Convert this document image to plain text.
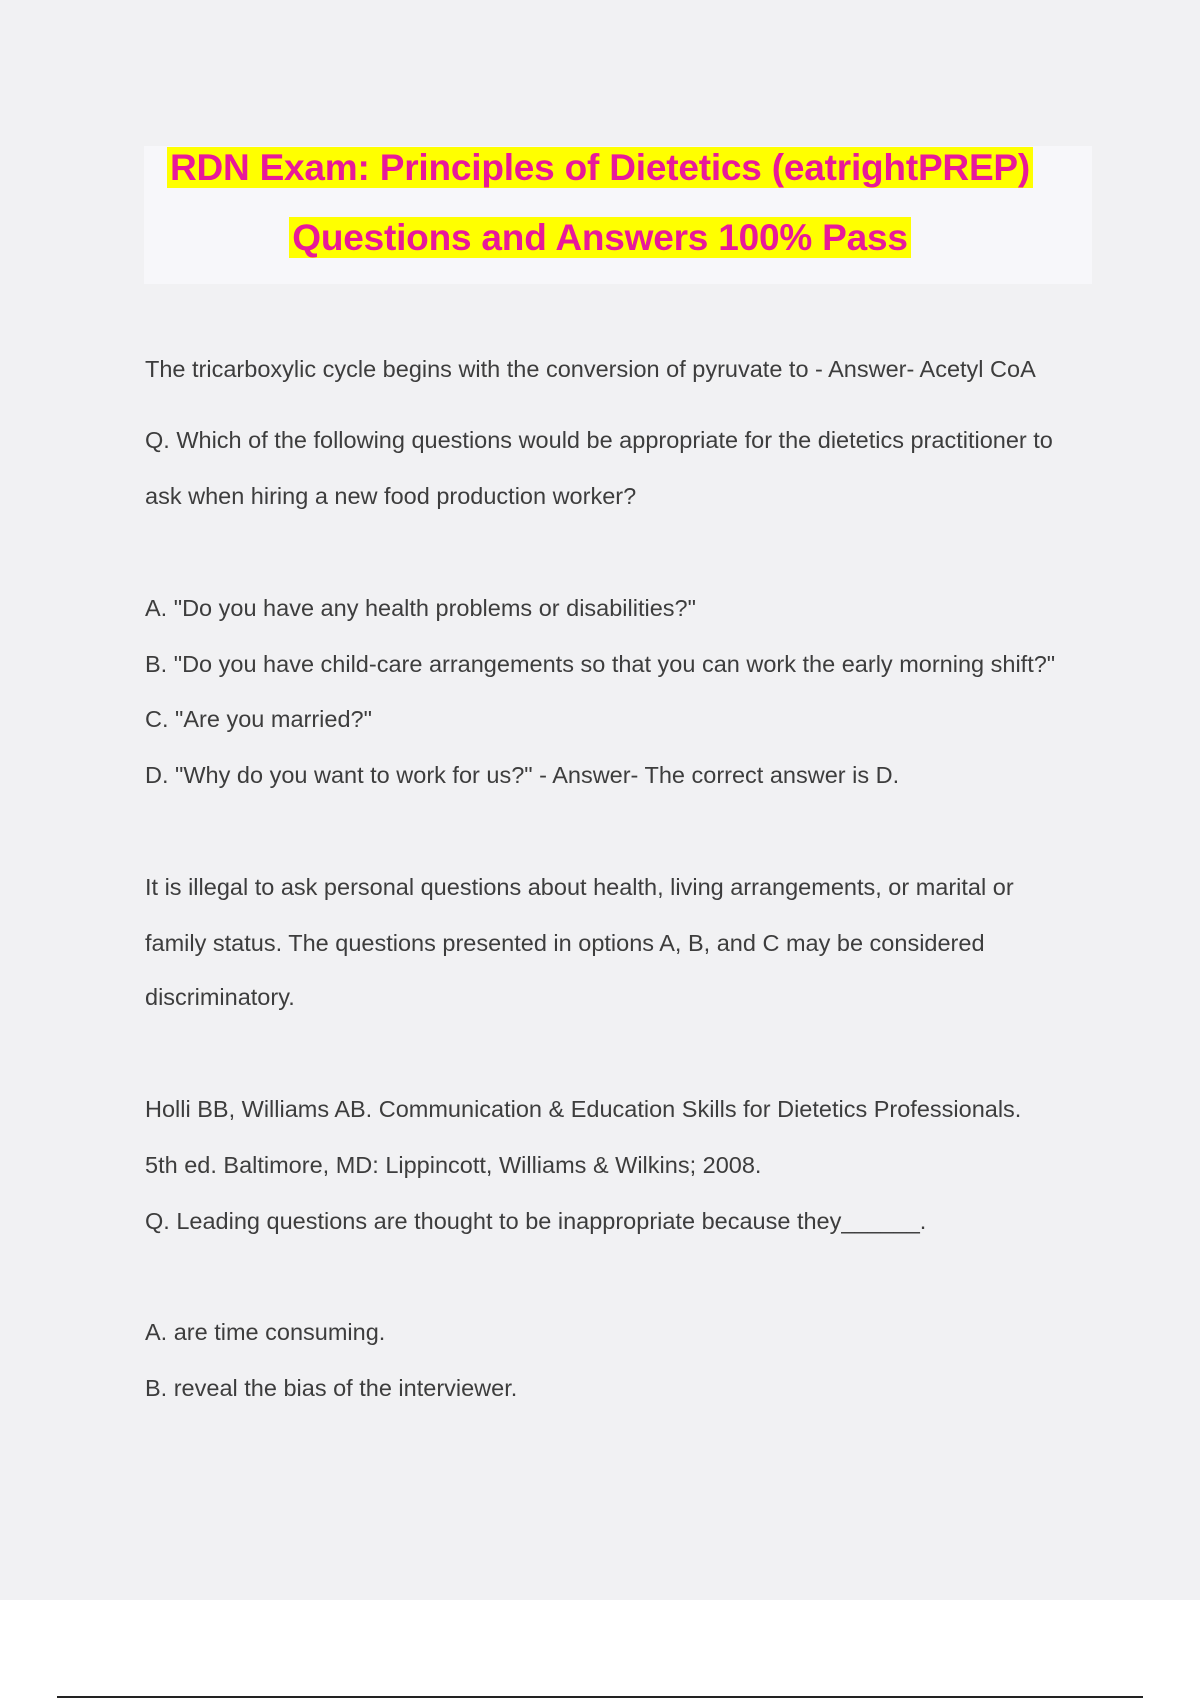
RDN Exam: Principles of Dietetics (eatrightPREP)
Questions and Answers 100% Pass
The tricarboxylic cycle begins with the conversion of pyruvate to - Answer- Acetyl CoA
Q. Which of the following questions would be appropriate for the dietetics practitioner to
ask when hiring a new food production worker?
A. "Do you have any health problems or disabilities?"
B. "Do you have child-care arrangements so that you can work the early morning shift?"
C. "Are you married?"
D. "Why do you want to work for us?" - Answer- The correct answer is D.
It is illegal to ask personal questions about health, living arrangements, or marital or
family status. The questions presented in options A, B, and C may be considered
discriminatory.
Holli BB, Williams AB. Communication & Education Skills for Dietetics Professionals.
5th ed. Baltimore, MD: Lippincott, Williams & Wilkins; 2008.
Q. Leading questions are thought to be inappropriate because they______.
A. are time consuming.
B. reveal the bias of the interviewer.
